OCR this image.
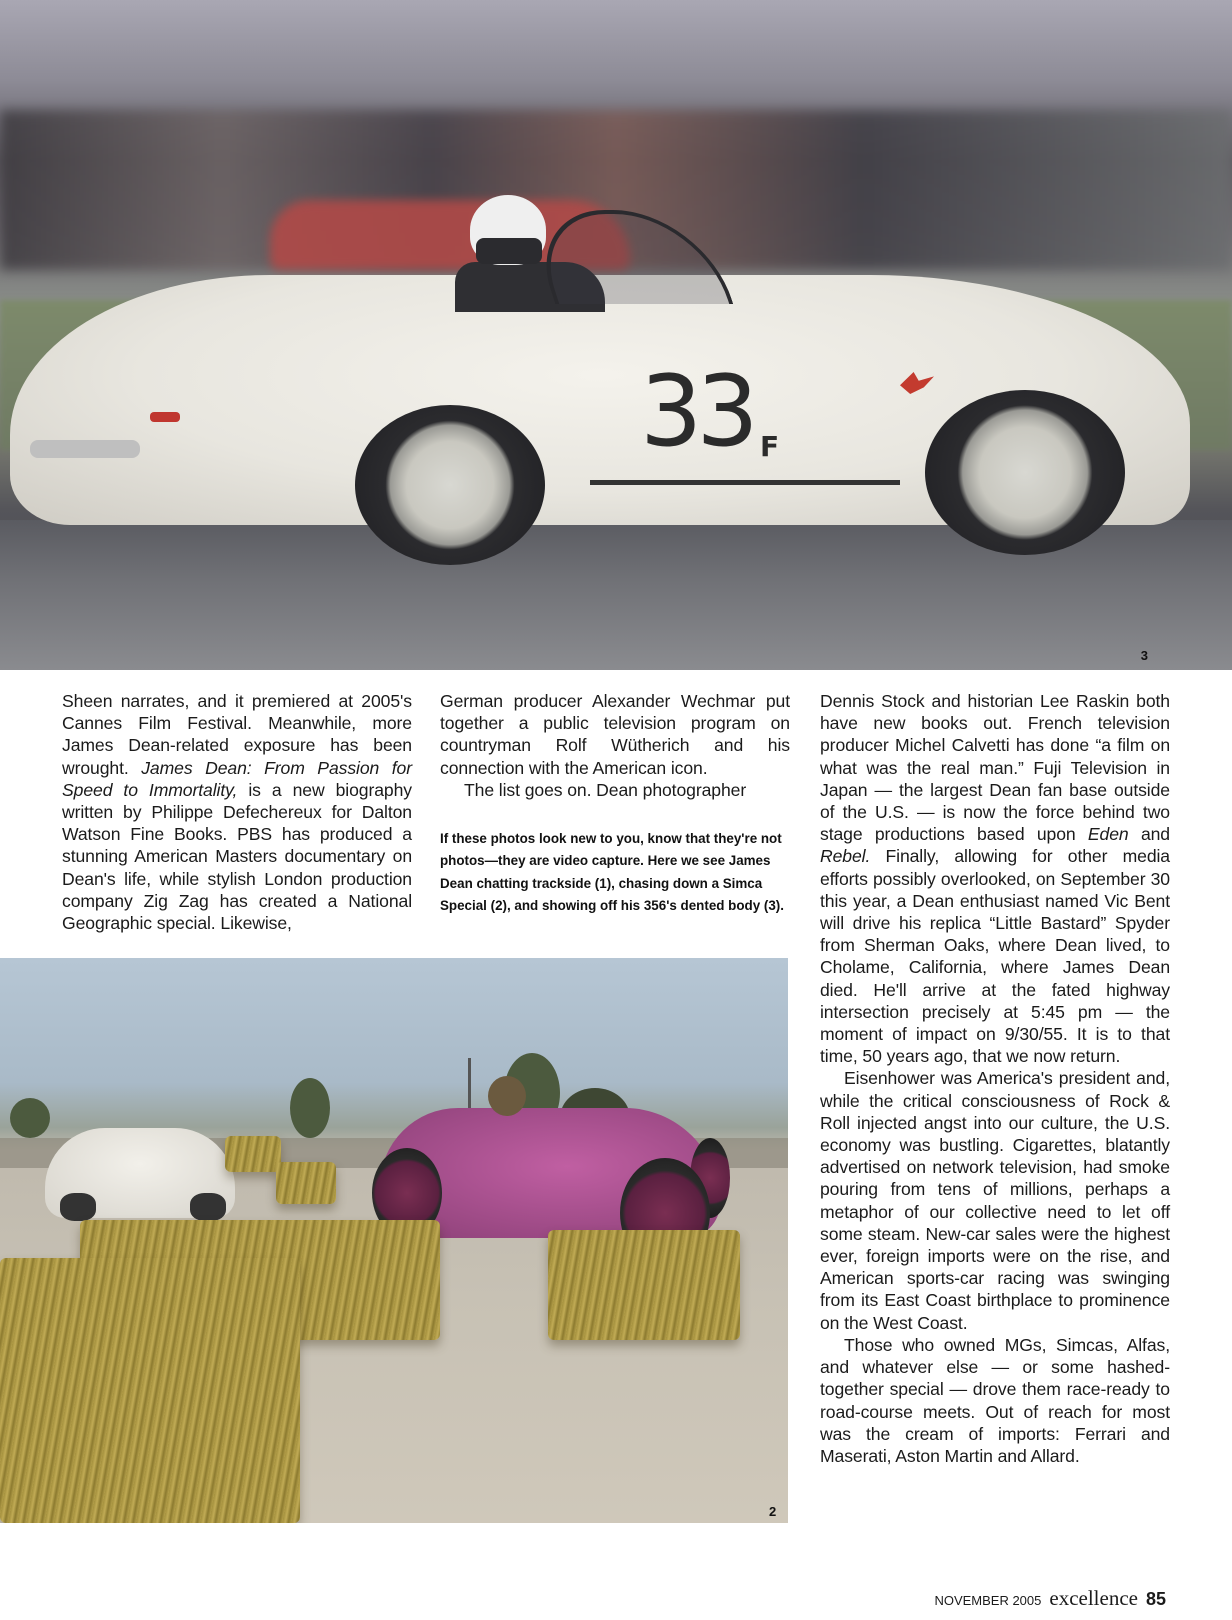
33 F
3

Sheen narrates, and it premiered at 2005's Cannes Film Festival. Meanwhile, more James Dean-related exposure has been wrought. James Dean: From Passion for Speed to Immortality, is a new biography written by Philippe Defechereux for Dalton Watson Fine Books. PBS has produced a stunning American Masters documentary on Dean's life, while stylish London production company Zig Zag has created a National Geographic special. Likewise,

German producer Alexander Wechmar put together a public television program on countryman Rolf Wütherich and his connection with the American icon.

The list goes on. Dean photographer

If these photos look new to you, know that they're not photos—they are video capture. Here we see James Dean chatting trackside (1), chasing down a Simca Special (2), and showing off his 356's dented body (3).

Dennis Stock and historian Lee Raskin both have new books out. French television producer Michel Calvetti has done “a film on what was the real man.” Fuji Television in Japan — the largest Dean fan base outside of the U.S. — is now the force behind two stage productions based upon Eden and Rebel. Finally, allowing for other media efforts possibly overlooked, on September 30 this year, a Dean enthusiast named Vic Bent will drive his replica “Little Bastard” Spyder from Sherman Oaks, where Dean lived, to Cholame, California, where James Dean died. He'll arrive at the fated highway intersection precisely at 5:45 pm — the moment of impact on 9/30/55. It is to that time, 50 years ago, that we now return.

Eisenhower was America's president and, while the critical consciousness of Rock & Roll injected angst into our culture, the U.S. economy was bustling. Cigarettes, blatantly advertised on network television, had smoke pouring from tens of millions, perhaps a metaphor of our collective need to let off some steam. New-car sales were the highest ever, foreign imports were on the rise, and American sports-car racing was swinging from its East Coast birthplace to prominence on the West Coast.

Those who owned MGs, Simcas, Alfas, and whatever else — or some hashed-together special — drove them race-ready to road-course meets. Out of reach for most was the cream of imports: Ferrari and Maserati, Aston Martin and Allard.

2
NOVEMBER 2005 excellence 85
